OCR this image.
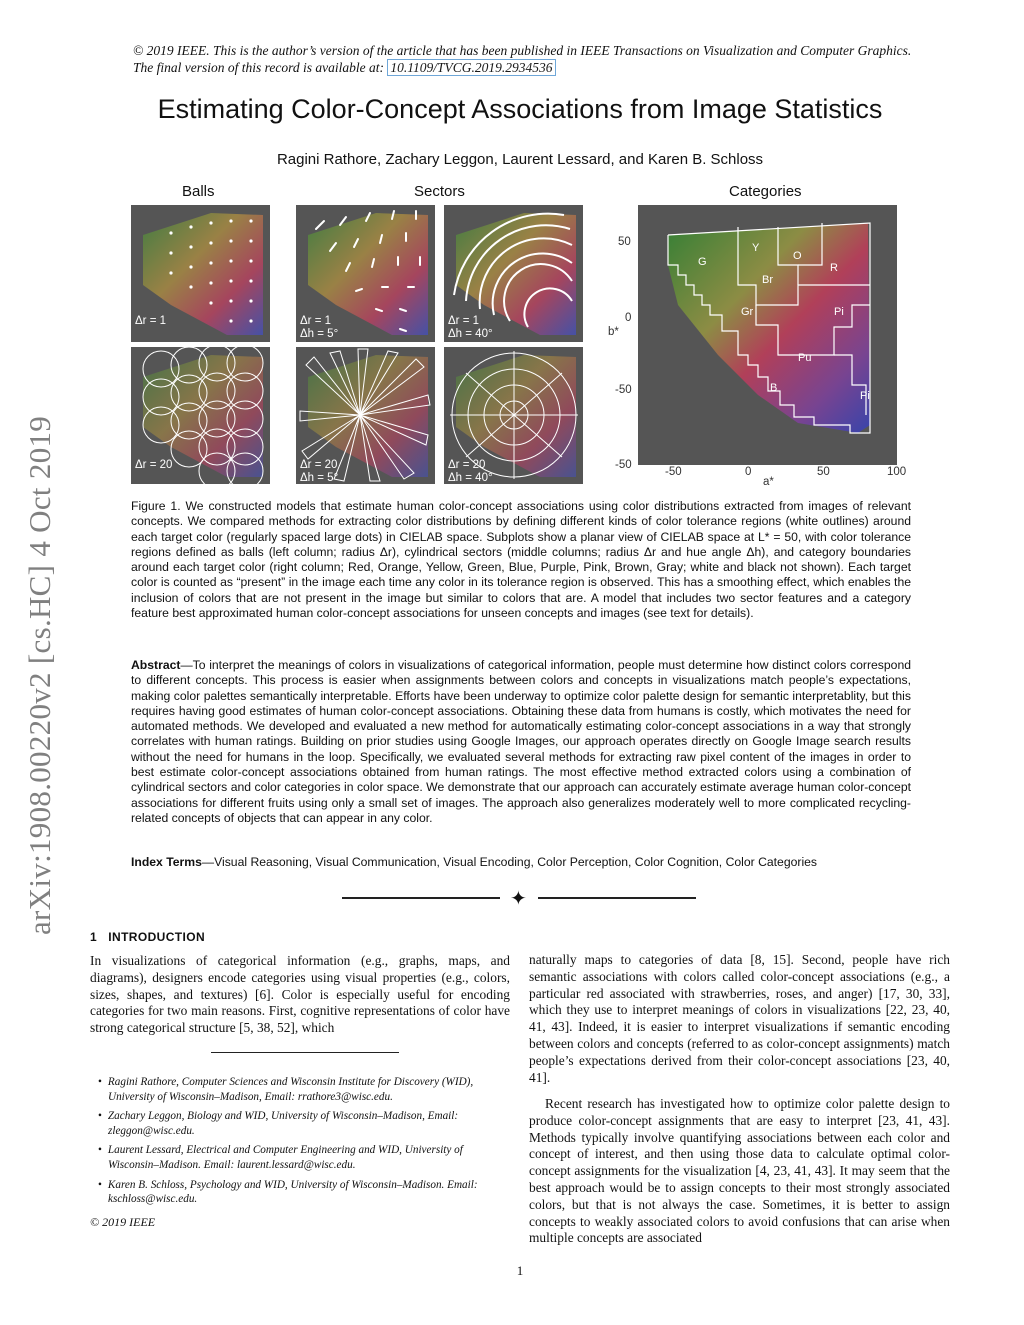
© 2019 IEEE. This is the author’s version of the article that has been published in IEEE Transactions on Visualization and Computer Graphics. The final version of this record is available at: 10.1109/TVCG.2019.2934536
Estimating Color-Concept Associations from Image Statistics
Ragini Rathore, Zachary Leggon, Laurent Lessard, and Karen B. Schloss
arXiv:1908.00220v2 [cs.HC] 4 Oct 2019
Balls	Sectors	Categories
Δr = 1	Δr = 1
Δh = 5°
Δr = 1
Δh = 40°
Δr = 20	Δr = 20
Δh = 5°
Δr = 20
Δh = 40°
G
Y
O
R
Br
Gr	Pi
Pu
B
Pi
50
0
b*
-50
-50
-50	0	50	100
a*
Figure 1. We constructed models that estimate human color-concept associations using color distributions extracted from images of relevant concepts. We compared methods for extracting color distributions by defining different kinds of color tolerance regions (white outlines) around each target color (regularly spaced large dots) in CIELAB space. Subplots show a planar view of CIELAB space at L* = 50, with color tolerance regions defined as balls (left column; radius Δr), cylindrical sectors (middle columns; radius Δr and hue angle Δh), and category boundaries around each target color (right column; Red, Orange, Yellow, Green, Blue, Purple, Pink, Brown, Gray; white and black not shown). Each target color is counted as “present” in the image each time any color in its tolerance region is observed. This has a smoothing effect, which enables the inclusion of colors that are not present in the image but similar to colors that are. A model that includes two sector features and a category feature best approximated human color-concept associations for unseen concepts and images (see text for details).
Abstract—To interpret the meanings of colors in visualizations of categorical information, people must determine how distinct colors correspond to different concepts. This process is easier when assignments between colors and concepts in visualizations match people’s expectations, making color palettes semantically interpretable. Efforts have been underway to optimize color palette design for semantic interpretablity, but this requires having good estimates of human color-concept associations. Obtaining these data from humans is costly, which motivates the need for automated methods. We developed and evaluated a new method for automatically estimating color-concept associations in a way that strongly correlates with human ratings. Building on prior studies using Google Images, our approach operates directly on Google Image search results without the need for humans in the loop. Specifically, we evaluated several methods for extracting raw pixel content of the images in order to best estimate color-concept associations obtained from human ratings. The most effective method extracted colors using a combination of cylindrical sectors and color categories in color space. We demonstrate that our approach can accurately estimate average human color-concept associations for different fruits using only a small set of images. The approach also generalizes moderately well to more complicated recycling-related concepts of objects that can appear in any color.
Index Terms—Visual Reasoning, Visual Communication, Visual Encoding, Color Perception, Color Cognition, Color Categories
✦
1 INTRODUCTION
In visualizations of categorical information (e.g., graphs, maps, and diagrams), designers encode categories using visual properties (e.g., colors, sizes, shapes, and textures) [6]. Color is especially useful for encoding categories for two main reasons. First, cognitive representations of color have strong categorical structure [5, 38, 52], which
• Ragini Rathore, Computer Sciences and Wisconsin Institute for Discovery (WID), University of Wisconsin–Madison, Email: rrathore3@wisc.edu.
• Zachary Leggon, Biology and WID, University of Wisconsin–Madison, Email: zleggon@wisc.edu.
• Laurent Lessard, Electrical and Computer Engineering and WID, University of Wisconsin–Madison. Email: laurent.lessard@wisc.edu.
• Karen B. Schloss, Psychology and WID, University of Wisconsin–Madison. Email: kschloss@wisc.edu.
© 2019 IEEE
naturally maps to categories of data [8, 15]. Second, people have rich semantic associations with colors called color-concept associations (e.g., a particular red associated with strawberries, roses, and anger) [17, 30, 33], which they use to interpret meanings of colors in visualizations [22, 23, 40, 41, 43]. Indeed, it is easier to interpret visualizations if semantic encoding between colors and concepts (referred to as color-concept assignments) match people’s expectations derived from their color-concept associations [23, 40, 41].
Recent research has investigated how to optimize color palette design to produce color-concept assignments that are easy to interpret [23, 41, 43]. Methods typically involve quantifying associations between each color and concept of interest, and then using those data to calculate optimal color-concept assignments for the visualization [4, 23, 41, 43]. It may seem that the best approach would be to assign concepts to their most strongly associated colors, but that is not always the case. Sometimes, it is better to assign concepts to weakly associated colors to avoid confusions that can arise when multiple concepts are associated
1
